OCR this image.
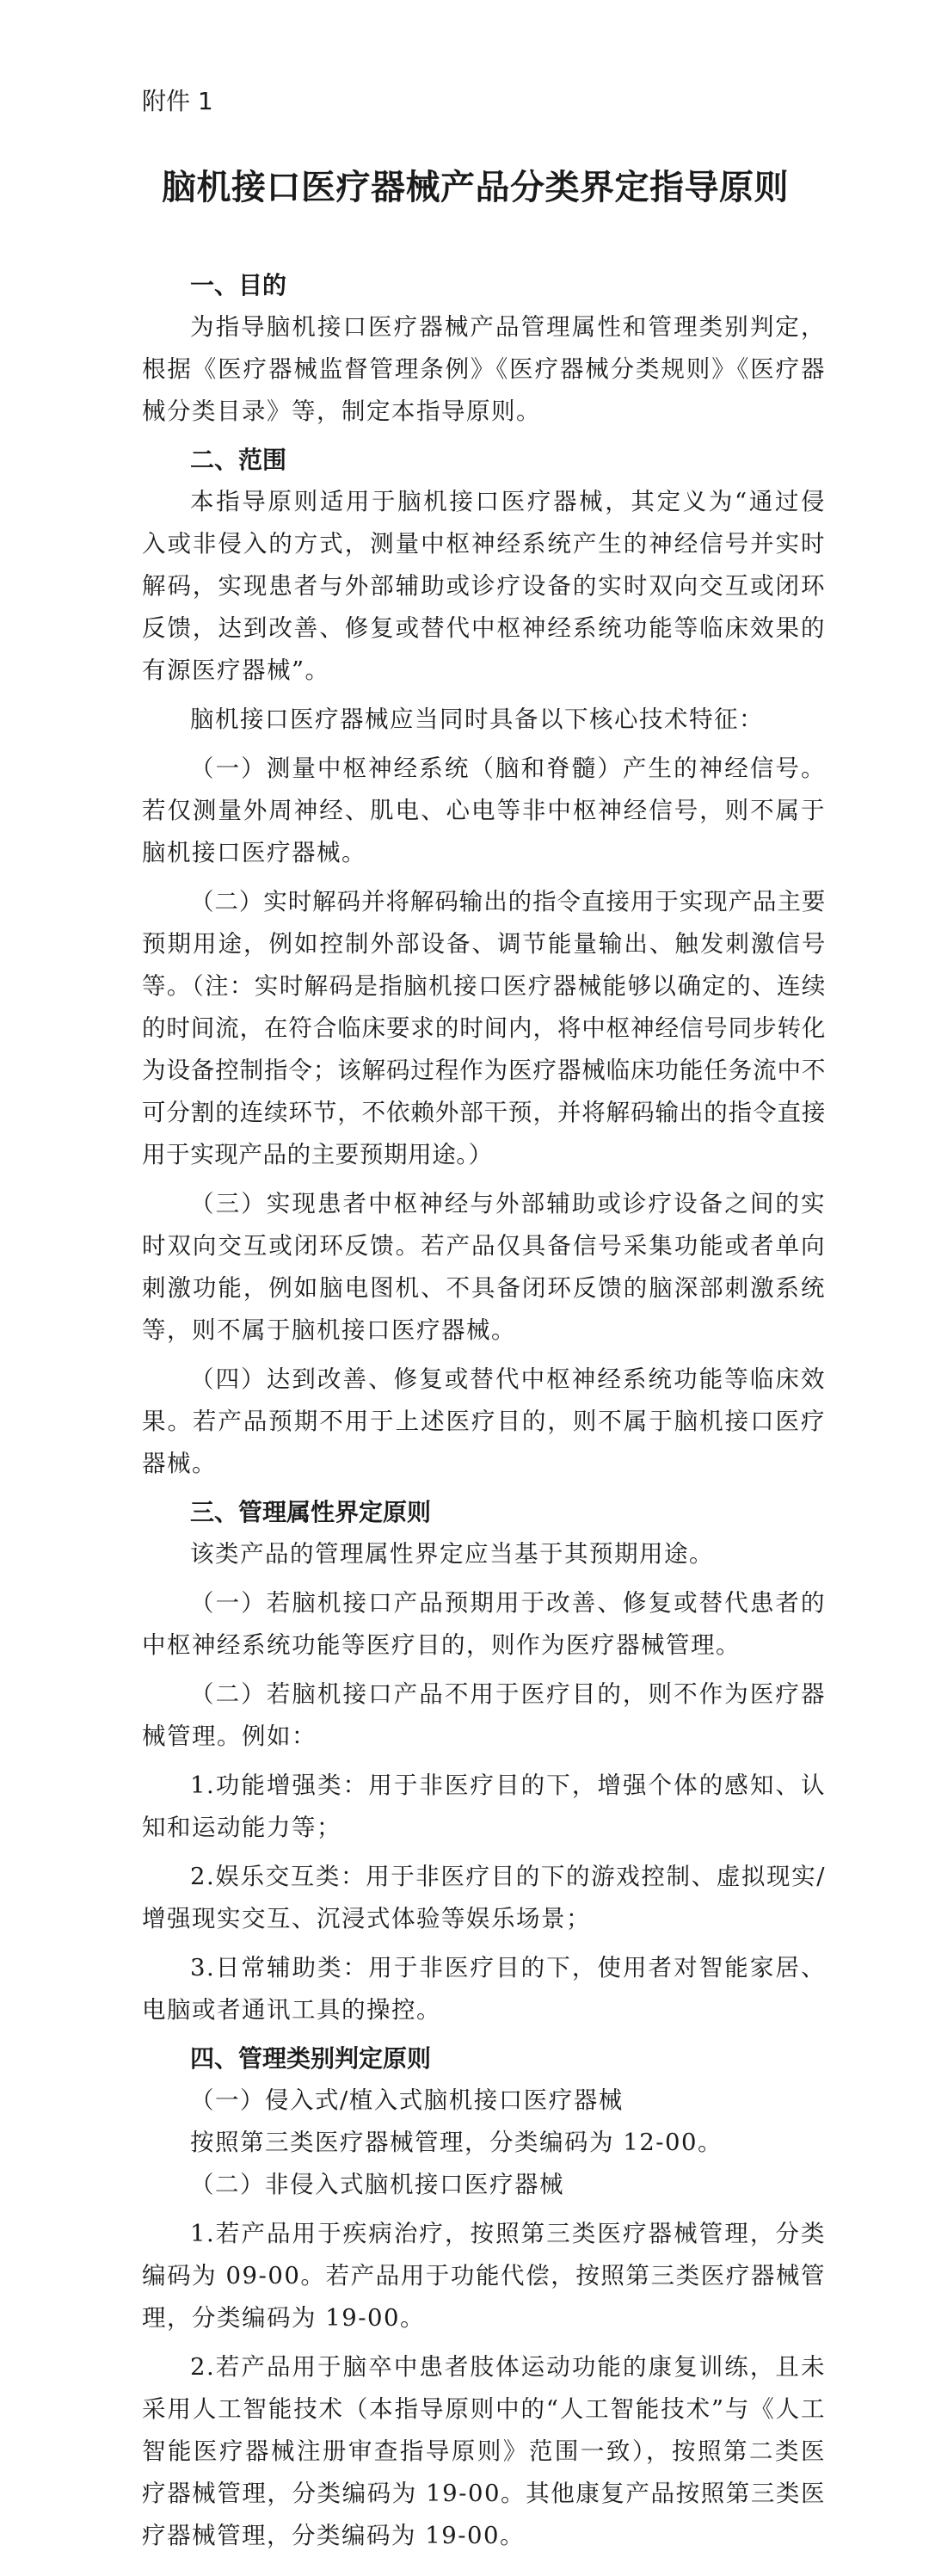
附件 1
脑机接口医疗器械产品分类界定指导原则
一、目的

为指导脑机接口医疗器械产品管理属性和管理类别判定，根据《医疗器械监督管理条例》《医疗器械分类规则》《医疗器械分类目录》等，制定本指导原则。

二、范围

本指导原则适用于脑机接口医疗器械，其定义为“通过侵入或非侵入的方式，测量中枢神经系统产生的神经信号并实时解码，实现患者与外部辅助或诊疗设备的实时双向交互或闭环反馈，达到改善、修复或替代中枢神经系统功能等临床效果的有源医疗器械”。

脑机接口医疗器械应当同时具备以下核心技术特征：

（一）测量中枢神经系统（脑和脊髓）产生的神经信号。若仅测量外周神经、肌电、心电等非中枢神经信号，则不属于脑机接口医疗器械。

（二）实时解码并将解码输出的指令直接用于实现产品主要预期用途，例如控制外部设备、调节能量输出、触发刺激信号等。（注：实时解码是指脑机接口医疗器械能够以确定的、连续的时间流，在符合临床要求的时间内，将中枢神经信号同步转化为设备控制指令；该解码过程作为医疗器械临床功能任务流中不可分割的连续环节，不依赖外部干预，并将解码输出的指令直接用于实现产品的主要预期用途。）

（三）实现患者中枢神经与外部辅助或诊疗设备之间的实时双向交互或闭环反馈。若产品仅具备信号采集功能或者单向刺激功能，例如脑电图机、不具备闭环反馈的脑深部刺激系统等，则不属于脑机接口医疗器械。

（四）达到改善、修复或替代中枢神经系统功能等临床效果。若产品预期不用于上述医疗目的，则不属于脑机接口医疗器械。

三、管理属性界定原则

该类产品的管理属性界定应当基于其预期用途。

（一）若脑机接口产品预期用于改善、修复或替代患者的中枢神经系统功能等医疗目的，则作为医疗器械管理。

（二）若脑机接口产品不用于医疗目的，则不作为医疗器械管理。例如：

1.功能增强类：用于非医疗目的下，增强个体的感知、认知和运动能力等；

2.娱乐交互类：用于非医疗目的下的游戏控制、虚拟现实/增强现实交互、沉浸式体验等娱乐场景；

3.日常辅助类：用于非医疗目的下，使用者对智能家居、电脑或者通讯工具的操控。

四、管理类别判定原则

（一）侵入式/植入式脑机接口医疗器械

按照第三类医疗器械管理，分类编码为 12-00。

（二）非侵入式脑机接口医疗器械

1.若产品用于疾病治疗，按照第三类医疗器械管理，分类编码为 09-00。若产品用于功能代偿，按照第三类医疗器械管理，分类编码为 19-00。

2.若产品用于脑卒中患者肢体运动功能的康复训练，且未采用人工智能技术（本指导原则中的“人工智能技术”与《人工智能医疗器械注册审查指导原则》范围一致），按照第二类医疗器械管理，分类编码为 19-00。其他康复产品按照第三类医疗器械管理，分类编码为 19-00。
